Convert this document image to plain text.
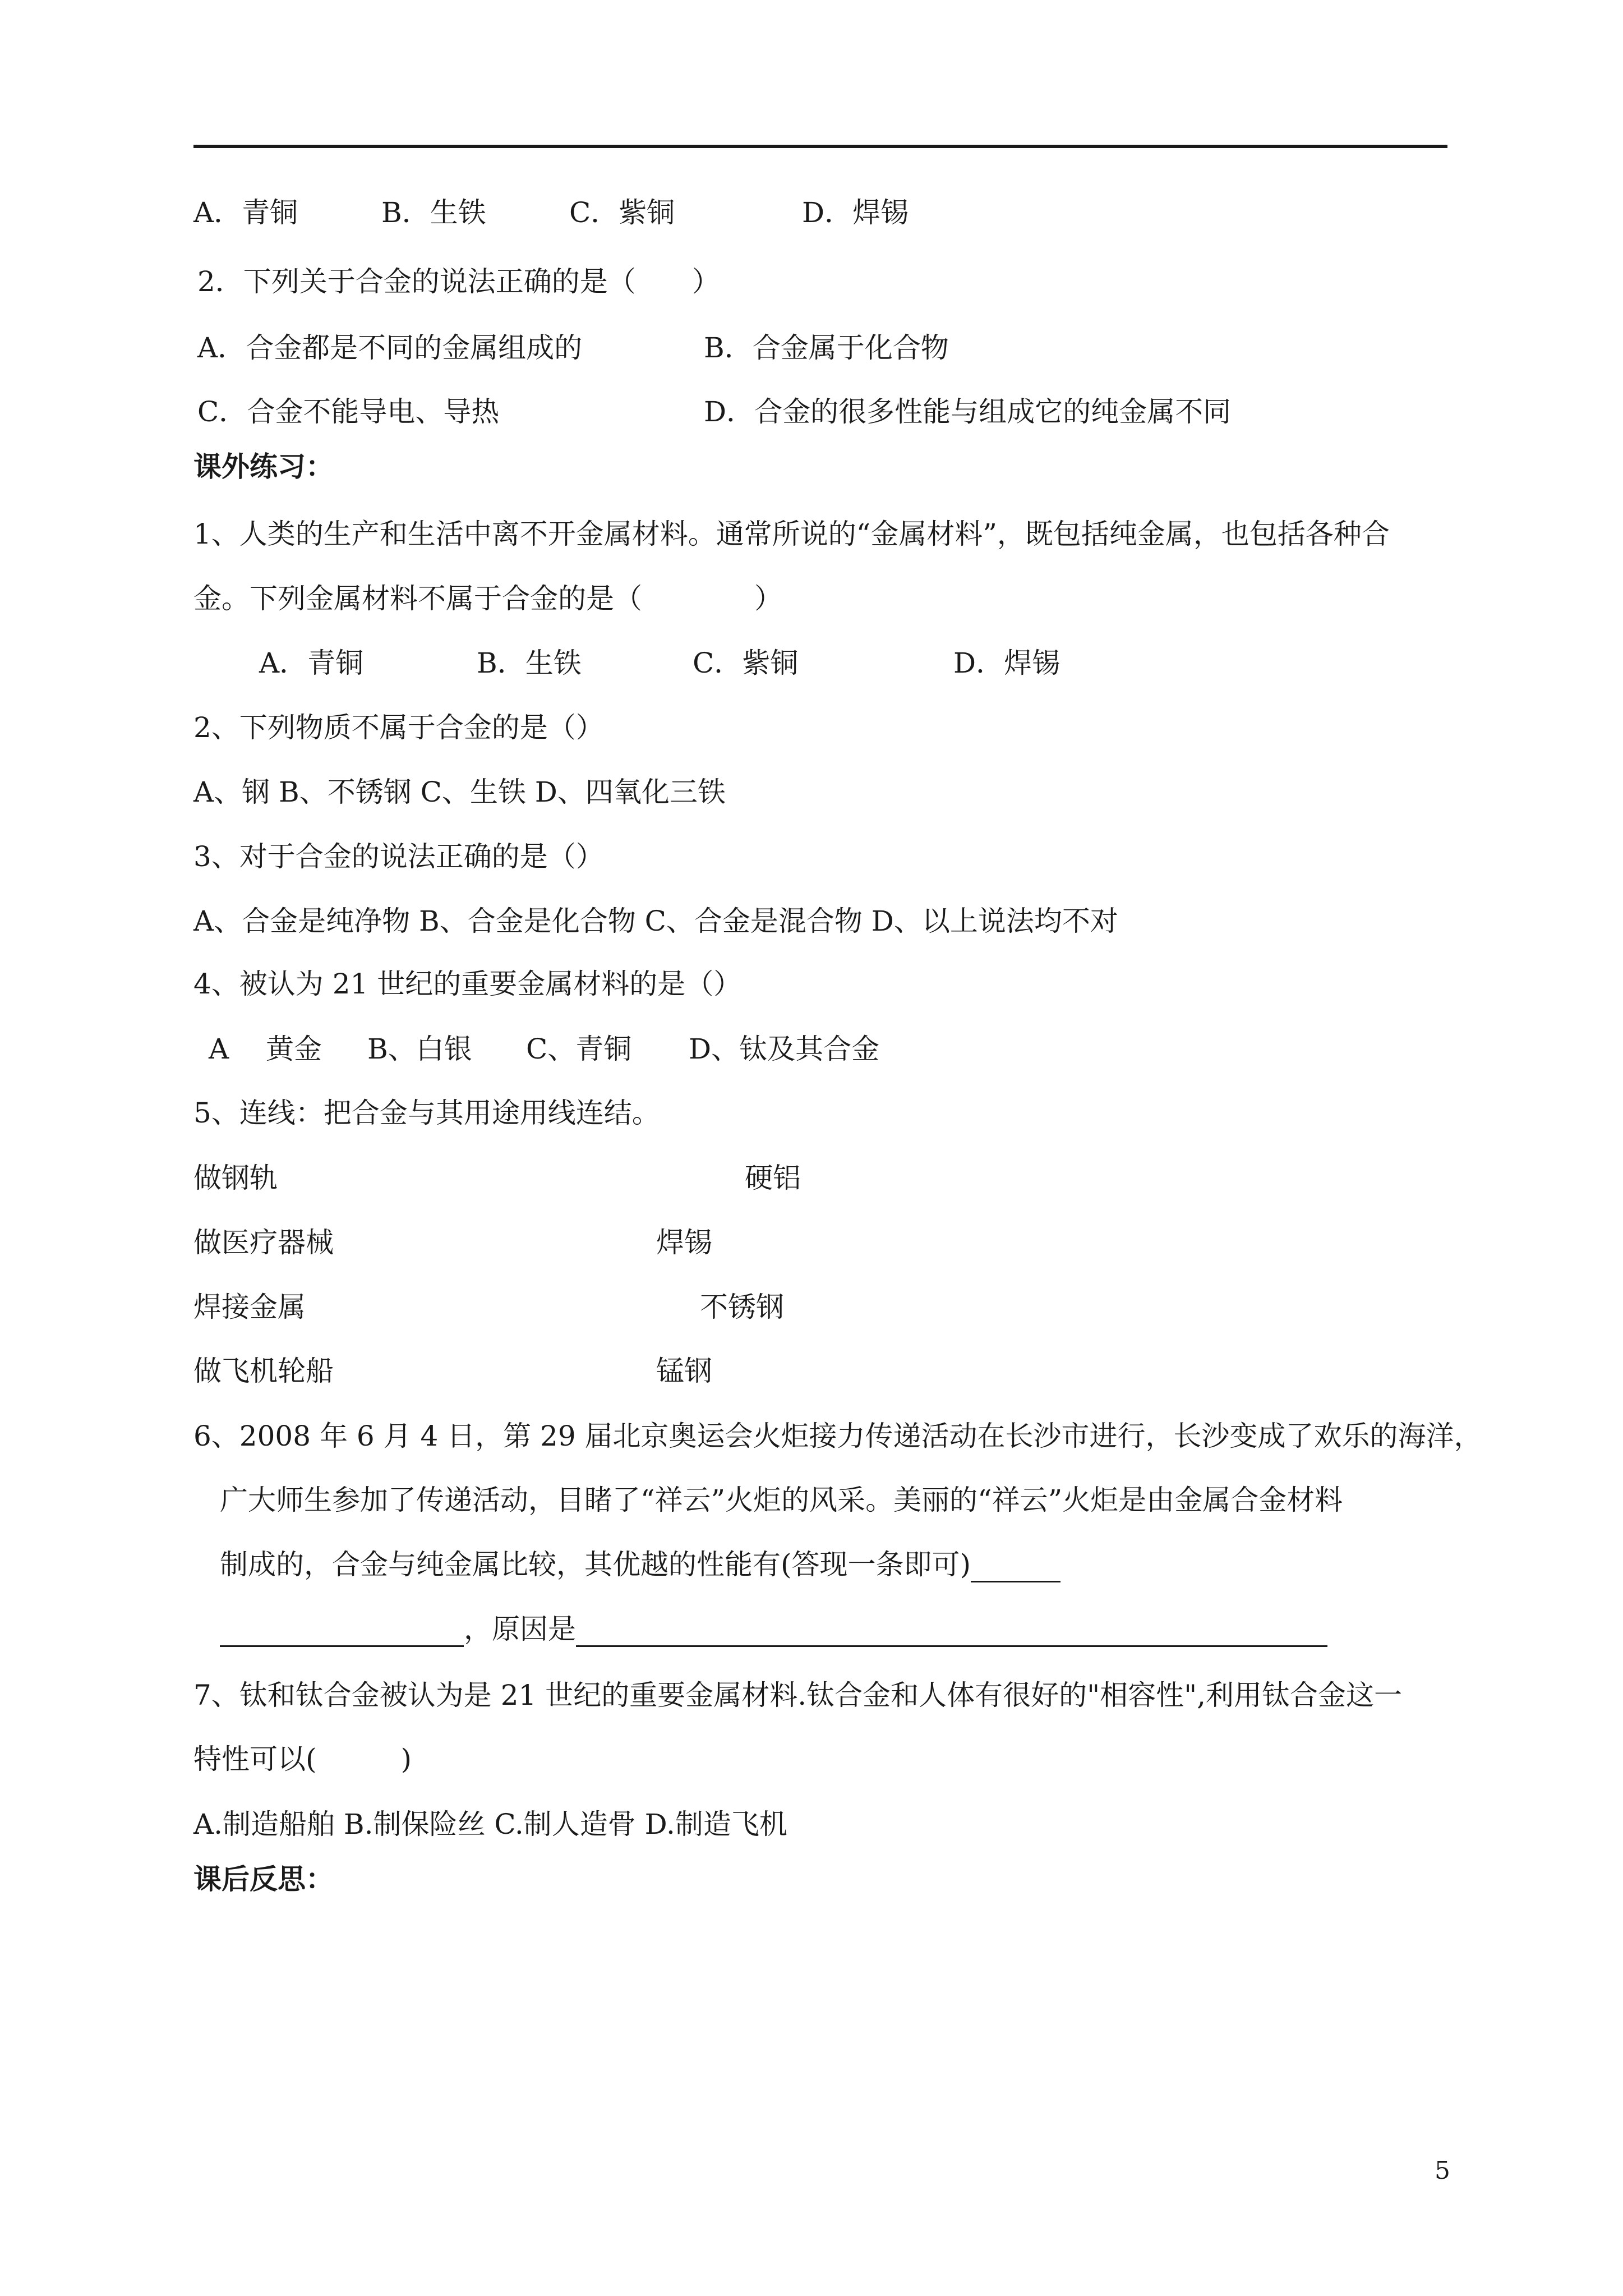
A．青铜	B．生铁	C．紫铜	D．焊锡
2．下列关于合金的说法正确的是（　　）
A．合金都是不同的金属组成的	B．合金属于化合物
C．合金不能导电、导热	D．合金的很多性能与组成它的纯金属不同
课外练习：
1、人类的生产和生活中离不开金属材料。通常所说的“金属材料”，既包括纯金属，也包括各种合
金。下列金属材料不属于合金的是（　　　　）
A．青铜	B．生铁	C．紫铜	D．焊锡
2、下列物质不属于合金的是（）
A、钢 B、不锈钢 C、生铁 D、四氧化三铁
3、对于合金的说法正确的是（）
A、合金是纯净物 B、合金是化合物 C、合金是混合物 D、以上说法均不对
4、被认为 21 世纪的重要金属材料的是（）
A　 黄金 B、白银 C、青铜 D、钛及其合金
5、连线：把合金与其用途用线连结。
做钢轨	硬铝
做医疗器械	焊锡
焊接金属	不锈钢
做飞机轮船	锰钢
6、2008 年 6 月 4 日，第 29 届北京奥运会火炬接力传递活动在长沙市进行，长沙变成了欢乐的海洋，
广大师生参加了传递活动，目睹了“祥云”火炬的风采。美丽的“祥云”火炬是由金属合金材料
制成的，合金与纯金属比较，其优越的性能有(答现一条即可)
，原因是
7、钛和钛合金被认为是 21 世纪的重要金属材料.钛合金和人体有很好的"相容性",利用钛合金这一
特性可以(　　　)
A.制造船舶 B.制保险丝 C.制人造骨 D.制造飞机
课后反思：
5
